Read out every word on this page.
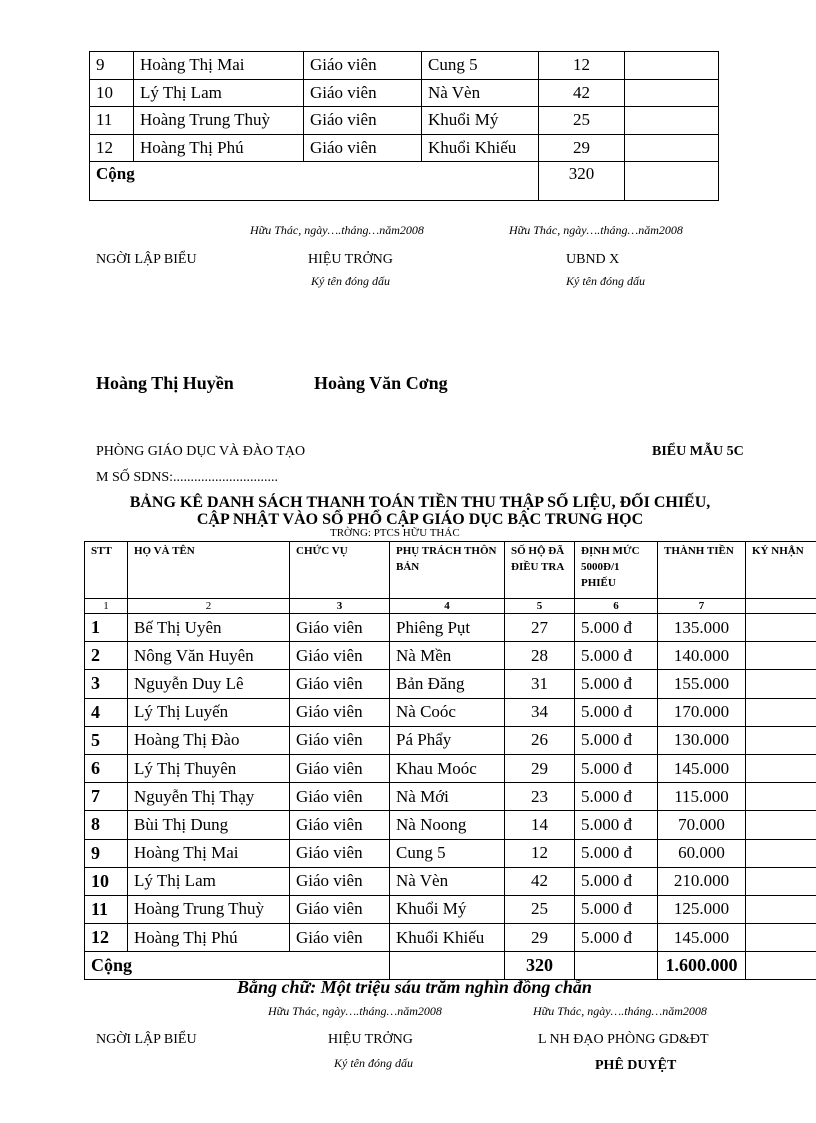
9	Hoàng Thị Mai	Giáo viên	Cung 5	12	
10	Lý Thị Lam	Giáo viên	Nà Vèn	42	
11	Hoàng Trung Thuỳ	Giáo viên	Khuổi Mý	25	
12	Hoàng Thị Phú	Giáo viên	Khuổi Khiếu	29	
Cộng				320	
Hữu Thác, ngày….tháng…năm2008	Hữu Thác, ngày….tháng…năm2008
NGỜI LẬP BIỂU	HIỆU TRỞNG
Ký tên đóng dấu
UBND X
Ký tên đóng dấu
Hoàng Thị Huyền	Hoàng Văn Cơng
PHÒNG GIÁO DỤC VÀ ĐÀO TẠO	BIỂU MẪU 5C
M SỐ SDNS:..............................
BẢNG KÊ DANH SÁCH THANH TOÁN TIỀN THU THẬP SỐ LIỆU, ĐỐI CHIẾU,
CẬP NHẬT VÀO SỔ PHỔ CẬP GIÁO DỤC BẬC TRUNG HỌC
TRỜNG: PTCS HỮU THÁC
STT	HỌ VÀ TÊN	CHỨC VỤ	PHỤ TRÁCH THÔN BẢN	SỐ HỘ ĐÃ ĐIỀU TRA	ĐỊNH MỨC 5000Đ/1 PHIẾU	THÀNH TIỀN	KÝ NHẬN
1	2	3	4	5	6	7	
1	Bế Thị Uyên	Giáo viên	Phiêng Pụt	27	5.000 đ	135.000	
2	Nông Văn Huyên	Giáo viên	Nà Mền	28	5.000 đ	140.000	
3	Nguyễn Duy Lê	Giáo viên	Bản Đăng	31	5.000 đ	155.000	
4	Lý Thị Luyến	Giáo viên	Nà Coóc	34	5.000 đ	170.000	
5	Hoàng Thị Đào	Giáo viên	Pá Phẩy	26	5.000 đ	130.000	
6	Lý Thị Thuyên	Giáo viên	Khau Moóc	29	5.000 đ	145.000	
7	Nguyễn Thị Thạy	Giáo viên	Nà Mới	23	5.000 đ	115.000	
8	Bùi Thị Dung	Giáo viên	Nà Noong	14	5.000 đ	70.000	
9	Hoàng Thị Mai	Giáo viên	Cung 5	12	5.000 đ	60.000	
10	Lý Thị Lam	Giáo viên	Nà Vèn	42	5.000 đ	210.000	
11	Hoàng Trung Thuỳ	Giáo viên	Khuổi Mý	25	5.000 đ	125.000	
12	Hoàng Thị Phú	Giáo viên	Khuổi Khiếu	29	5.000 đ	145.000	
Cộng				320		1.600.000	
Bằng chữ: Một triệu sáu trăm nghìn đồng chẵn
Hữu Thác, ngày….tháng…năm2008	Hữu Thác, ngày….tháng…năm2008
NGỜI LẬP BIỂU	HIỆU TRỞNG
Ký tên đóng dấu
L NH ĐẠO PHÒNG GD&ĐT
PHÊ DUYỆT
